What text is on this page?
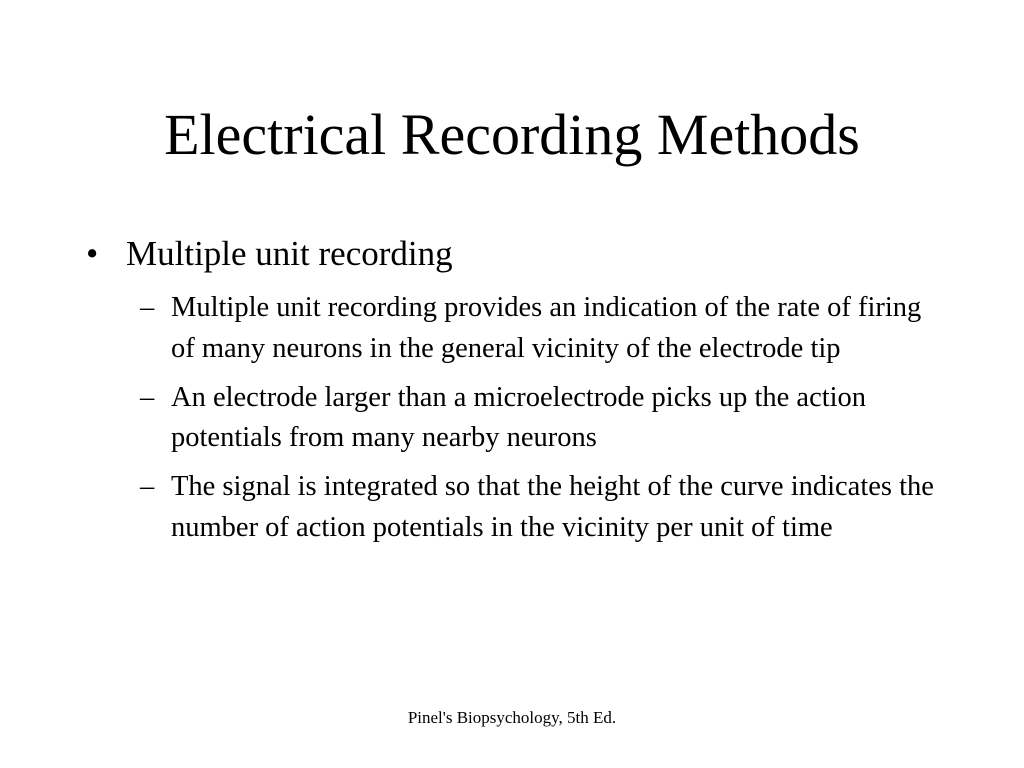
Electrical Recording Methods
• Multiple unit recording
– Multiple unit recording provides an indication of the rate of firing of many neurons in the general vicinity of the electrode tip
– An electrode larger than a microelectrode picks up the action potentials from many nearby neurons
– The signal is integrated so that the height of the curve indicates the number of action potentials in the vicinity per unit of time
Pinel's Biopsychology, 5th Ed.
